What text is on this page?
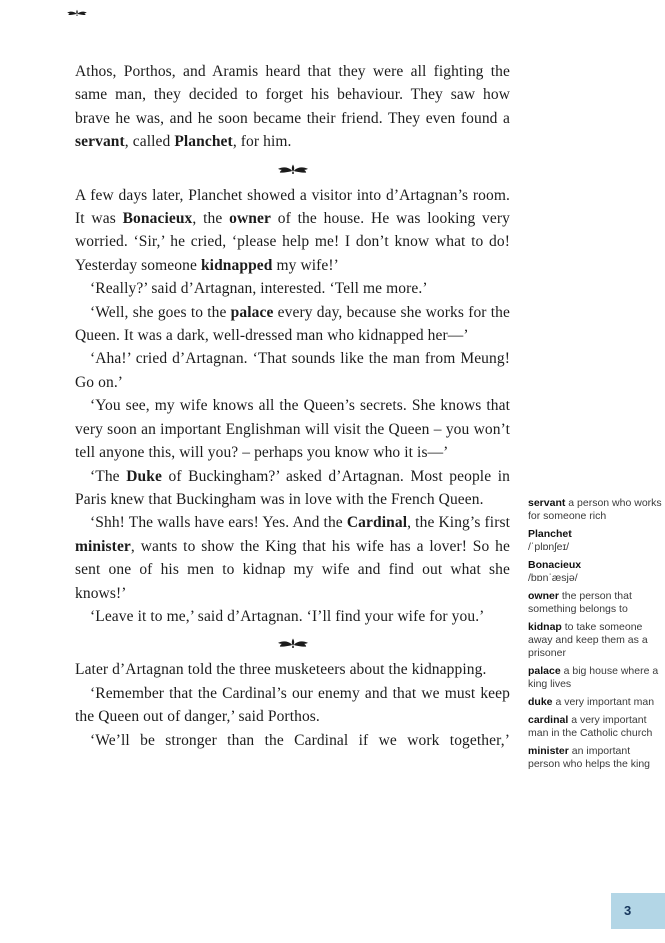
Athos, Porthos, and Aramis heard that they were all fighting the same man, they decided to forget his behaviour. They saw how brave he was, and he soon became their friend. They even found a servant, called Planchet, for him.

A few days later, Planchet showed a visitor into d’Artagnan’s room. It was Bonacieux, the owner of the house. He was looking very worried. ‘Sir,’ he cried, ‘please help me! I don’t know what to do! Yesterday someone kidnapped my wife!’

‘Really?’ said d’Artagnan, interested. ‘Tell me more.’

‘Well, she goes to the palace every day, because she works for the Queen. It was a dark, well-dressed man who kidnapped her—’

‘Aha!’ cried d’Artagnan. ‘That sounds like the man from Meung! Go on.’

‘You see, my wife knows all the Queen’s secrets. She knows that very soon an important Englishman will visit the Queen – you won’t tell anyone this, will you? – perhaps you know who it is—’

‘The Duke of Buckingham?’ asked d’Artagnan. Most people in Paris knew that Buckingham was in love with the French Queen.

‘Shh! The walls have ears! Yes. And the Cardinal, the King’s first minister, wants to show the King that his wife has a lover! So he sent one of his men to kidnap my wife and find out what she knows!’

‘Leave it to me,’ said d’Artagnan. ‘I’ll find your wife for you.’

Later d’Artagnan told the three musketeers about the kidnapping.

‘Remember that the Cardinal’s our enemy and that we must keep the Queen out of danger,’ said Porthos.

‘We’ll be stronger than the Cardinal if we work together,’

servant a person who works for someone rich
Planchet
/ˈplɒnʃeɪ/
Bonacieux
/bɒnˈæsjə/
owner the person that something belongs to
kidnap to take someone away and keep them as a prisoner
palace a big house where a king lives
duke a very important man
cardinal a very important man in the Catholic church
minister an important person who helps the king
3
